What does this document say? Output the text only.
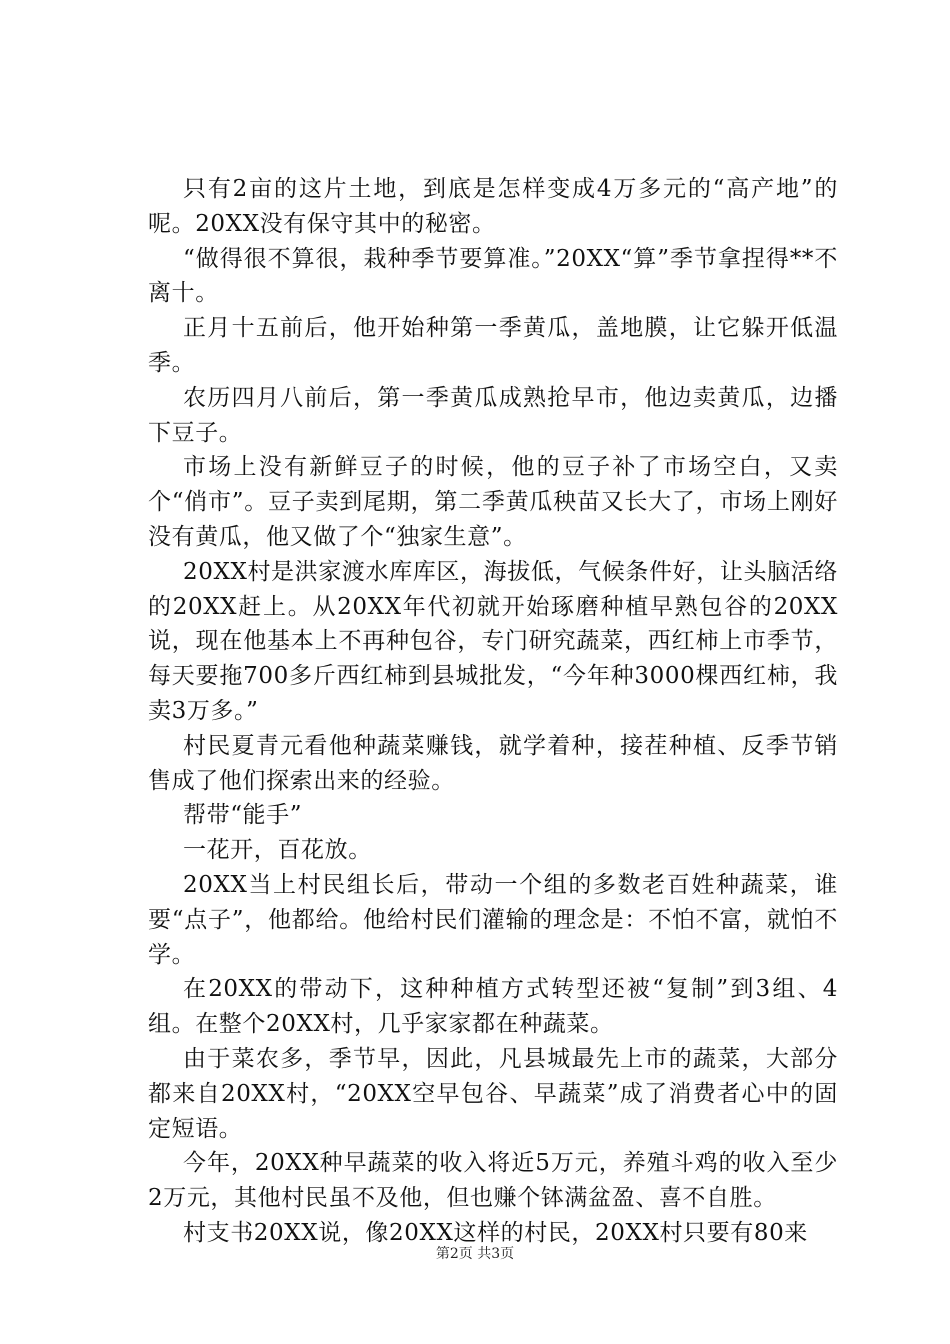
只有2亩的这片土地，到底是怎样变成4万多元的“高产地”的呢。20XX没有保守其中的秘密。

“做得很不算很，栽种季节要算准。”20XX“算”季节拿捏得**不离十。

正月十五前后，他开始种第一季黄瓜，盖地膜，让它躲开低温季。

农历四月八前后，第一季黄瓜成熟抢早市，他边卖黄瓜，边播下豆子。

市场上没有新鲜豆子的时候，他的豆子补了市场空白，又卖个“俏市”。豆子卖到尾期，第二季黄瓜秧苗又长大了，市场上刚好没有黄瓜，他又做了个“独家生意”。

20XX村是洪家渡水库库区，海拔低，气候条件好，让头脑活络的20XX赶上。从20XX年代初就开始琢磨种植早熟包谷的20XX说，现在他基本上不再种包谷，专门研究蔬菜，西红柿上市季节，每天要拖700多斤西红柿到县城批发，“今年种3000棵西红柿，我卖3万多。”

村民夏青元看他种蔬菜赚钱，就学着种，接茬种植、反季节销售成了他们探索出来的经验。

帮带“能手”

一花开，百花放。

20XX当上村民组长后，带动一个组的多数老百姓种蔬菜，谁要“点子”，他都给。他给村民们灌输的理念是：不怕不富，就怕不学。

在20XX的带动下，这种种植方式转型还被“复制”到3组、4组。在整个20XX村，几乎家家都在种蔬菜。

由于菜农多，季节早，因此，凡县城最先上市的蔬菜，大部分都来自20XX村，“20XX空早包谷、早蔬菜”成了消费者心中的固定短语。

今年，20XX种早蔬菜的收入将近5万元，养殖斗鸡的收入至少2万元，其他村民虽不及他，但也赚个钵满盆盈、喜不自胜。

村支书20XX说，像20XX这样的村民，20XX村只要有80来

第2页 共3页
